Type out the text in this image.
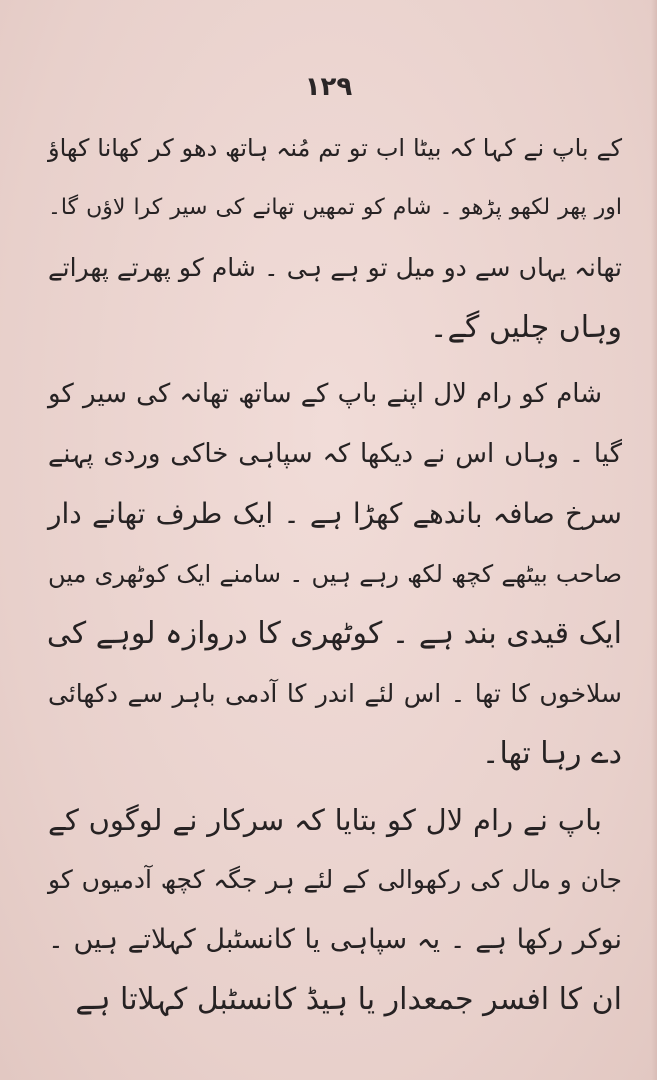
۱۲۹
کے باپ نے کہا کہ بیٹا اب تو تم مُنہ ہاتھ دھو کر کھانا کھاؤ
اور پھر لکھو پڑھو ۔ شام کو تمھیں تھانے کی سیر کرا لاؤں گا۔
تھانہ یہاں سے دو میل تو ہے ہی ۔ شام کو پھرتے پھراتے
وہاں چلیں گے۔
شام کو رام لال اپنے باپ کے ساتھ تھانہ کی سیر کو
گیا ۔ وہاں اس نے دیکھا کہ سپاہی خاکی وردی پہنے
سرخ صافہ باندھے کھڑا ہے ۔ ایک طرف تھانے دار
صاحب بیٹھے کچھ لکھ رہے ہیں ۔ سامنے ایک کوٹھری میں
ایک قیدی بند ہے ۔ کوٹھری کا دروازہ لوہے کی
سلاخوں کا تھا ۔ اس لئے اندر کا آدمی باہر سے دکھائی
دے رہا تھا۔
باپ نے رام لال کو بتایا کہ سرکار نے لوگوں کے
جان و مال کی رکھوالی کے لئے ہر جگہ کچھ آدمیوں کو
نوکر رکھا ہے ۔ یہ سپاہی یا کانسٹبل کہلاتے ہیں ۔
ان کا افسر جمعدار یا ہیڈ کانسٹبل کہلاتا ہے
